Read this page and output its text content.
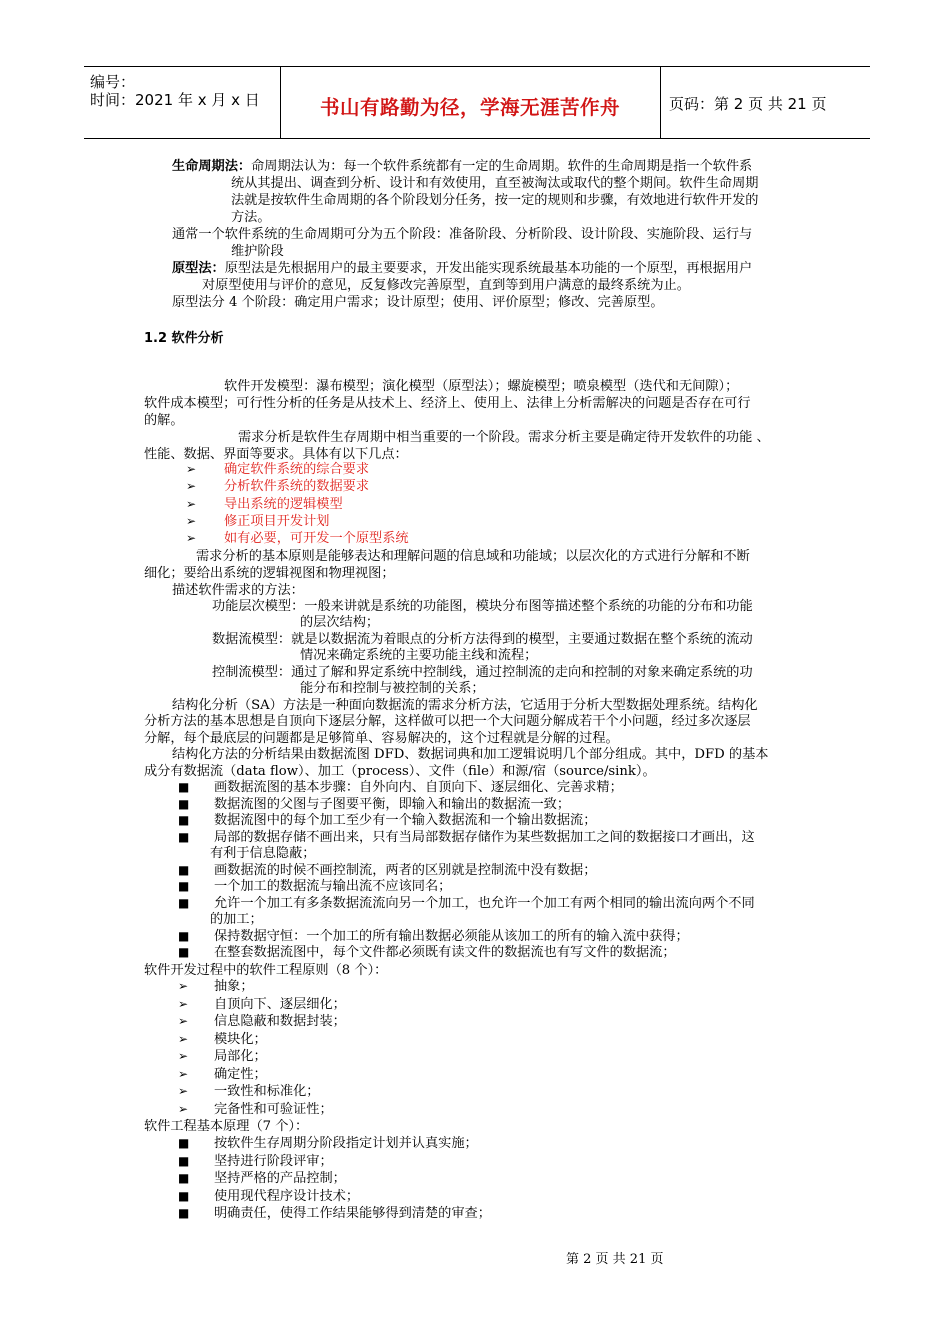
编号：
时间：2021 年 x 月 x 日	书山有路勤为径，学海无涯苦作舟	页码：第 2 页 共 21 页
生命周期法：命周期法认为：每一个软件系统都有一定的生命周期。软件的生命周期是指一个软件系
统从其提出、调查到分析、设计和有效使用，直至被淘汰或取代的整个期间。软件生命周期
法就是按软件生命周期的各个阶段划分任务，按一定的规则和步骤，有效地进行软件开发的
方法。
通常一个软件系统的生命周期可分为五个阶段：准备阶段、分析阶段、设计阶段、实施阶段、运行与
维护阶段
原型法：原型法是先根据用户的最主要要求，开发出能实现系统最基本功能的一个原型，再根据用户
对原型使用与评价的意见，反复修改完善原型，直到等到用户满意的最终系统为止。
原型法分 4 个阶段：确定用户需求；设计原型；使用、评价原型；修改、完善原型。
1.2 软件分析
软件开发模型：瀑布模型；演化模型（原型法）；螺旋模型；喷泉模型（迭代和无间隙）；
软件成本模型；可行性分析的任务是从技术上、经济上、使用上、法律上分析需解决的问题是否存在可行
的解。
需求分析是软件生存周期中相当重要的一个阶段。需求分析主要是确定待开发软件的功能 、
性能、数据、界面等要求。具体有以下几点：
➢ 确定软件系统的综合要求
➢ 分析软件系统的数据要求
➢ 导出系统的逻辑模型
➢ 修正项目开发计划
➢ 如有必要，可开发一个原型系统
需求分析的基本原则是能够表达和理解问题的信息域和功能域；以层次化的方式进行分解和不断
细化；要给出系统的逻辑视图和物理视图；
描述软件需求的方法：
功能层次模型：一般来讲就是系统的功能图，模块分布图等描述整个系统的功能的分布和功能
的层次结构；
数据流模型：就是以数据流为着眼点的分析方法得到的模型，主要通过数据在整个系统的流动
情况来确定系统的主要功能主线和流程；
控制流模型：通过了解和界定系统中控制线，通过控制流的走向和控制的对象来确定系统的功
能分布和控制与被控制的关系；
结构化分析（SA）方法是一种面向数据流的需求分析方法，它适用于分析大型数据处理系统。结构化
分析方法的基本思想是自顶向下逐层分解，这样做可以把一个大问题分解成若干个小问题，经过多次逐层
分解，每个最底层的问题都是足够简单、容易解决的，这个过程就是分解的过程。
结构化方法的分析结果由数据流图 DFD、数据词典和加工逻辑说明几个部分组成。其中，DFD 的基本
成分有数据流（data flow）、加工（process）、文件（file）和源/宿（source/sink）。
■ 画数据流图的基本步骤：自外向内、自顶向下、逐层细化、完善求精；
■ 数据流图的父图与子图要平衡，即输入和输出的数据流一致；
■ 数据流图中的每个加工至少有一个输入数据流和一个输出数据流；
■ 局部的数据存储不画出来，只有当局部数据存储作为某些数据加工之间的数据接口才画出，这
有利于信息隐蔽；
■ 画数据流的时候不画控制流，两者的区别就是控制流中没有数据；
■ 一个加工的数据流与输出流不应该同名；
■ 允许一个加工有多条数据流流向另一个加工，也允许一个加工有两个相同的输出流向两个不同
的加工；
■ 保持数据守恒：一个加工的所有输出数据必须能从该加工的所有的输入流中获得；
■ 在整套数据流图中，每个文件都必须既有读文件的数据流也有写文件的数据流；
软件开发过程中的软件工程原则（8 个）：
➢ 抽象；
➢ 自顶向下、逐层细化；
➢ 信息隐蔽和数据封装；
➢ 模块化；
➢ 局部化；
➢ 确定性；
➢ 一致性和标准化；
➢ 完备性和可验证性；
软件工程基本原理（7 个）：
■ 按软件生存周期分阶段指定计划并认真实施；
■ 坚持进行阶段评审；
■ 坚持严格的产品控制；
■ 使用现代程序设计技术；
■ 明确责任，使得工作结果能够得到清楚的审查；
第 2 页 共 21 页
